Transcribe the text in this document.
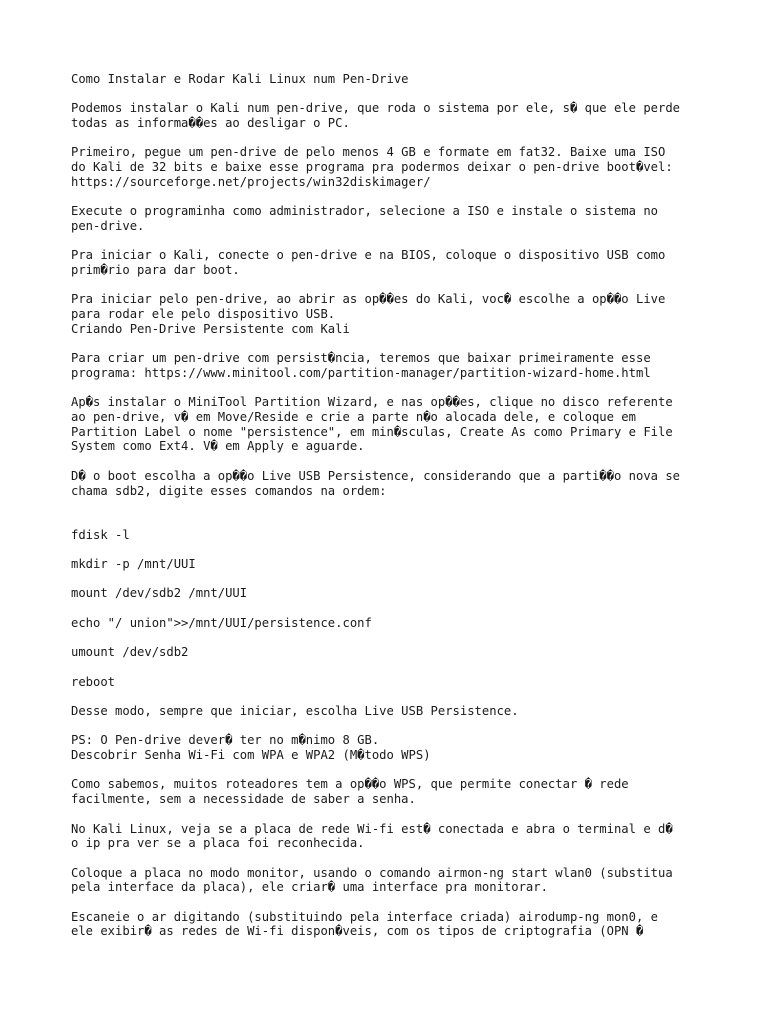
Como Instalar e Rodar Kali Linux num Pen-Drive

Podemos instalar o Kali num pen-drive, que roda o sistema por ele, s� que ele perde
todas as informa��es ao desligar o PC.

Primeiro, pegue um pen-drive de pelo menos 4 GB e formate em fat32. Baixe uma ISO
do Kali de 32 bits e baixe esse programa pra podermos deixar o pen-drive boot�vel:
https://sourceforge.net/projects/win32diskimager/

Execute o programinha como administrador, selecione a ISO e instale o sistema no
pen-drive.

Pra iniciar o Kali, conecte o pen-drive e na BIOS, coloque o dispositivo USB como
prim�rio para dar boot.

Pra iniciar pelo pen-drive, ao abrir as op��es do Kali, voc� escolhe a op��o Live
para rodar ele pelo dispositivo USB.
Criando Pen-Drive Persistente com Kali

Para criar um pen-drive com persist�ncia, teremos que baixar primeiramente esse
programa: https://www.minitool.com/partition-manager/partition-wizard-home.html

Ap�s instalar o MiniTool Partition Wizard, e nas op��es, clique no disco referente
ao pen-drive, v� em Move/Reside e crie a parte n�o alocada dele, e coloque em
Partition Label o nome "persistence", em min�sculas, Create As como Primary e File
System como Ext4. V� em Apply e aguarde.

D� o boot escolha a op��o Live USB Persistence, considerando que a parti��o nova se
chama sdb2, digite esses comandos na ordem:

fdisk -l

mkdir -p /mnt/UUI

mount /dev/sdb2 /mnt/UUI

echo "/ union">>/mnt/UUI/persistence.conf

umount /dev/sdb2

reboot

Desse modo, sempre que iniciar, escolha Live USB Persistence.

PS: O Pen-drive dever� ter no m�nimo 8 GB.
Descobrir Senha Wi-Fi com WPA e WPA2 (M�todo WPS)

Como sabemos, muitos roteadores tem a op��o WPS, que permite conectar � rede
facilmente, sem a necessidade de saber a senha.

No Kali Linux, veja se a placa de rede Wi-fi est� conectada e abra o terminal e d�
o ip pra ver se a placa foi reconhecida.

Coloque a placa no modo monitor, usando o comando airmon-ng start wlan0 (substitua
pela interface da placa), ele criar� uma interface pra monitorar.

Escaneie o ar digitando (substituindo pela interface criada) airodump-ng mon0, e
ele exibir� as redes de Wi-fi dispon�veis, com os tipos de criptografia (OPN �
